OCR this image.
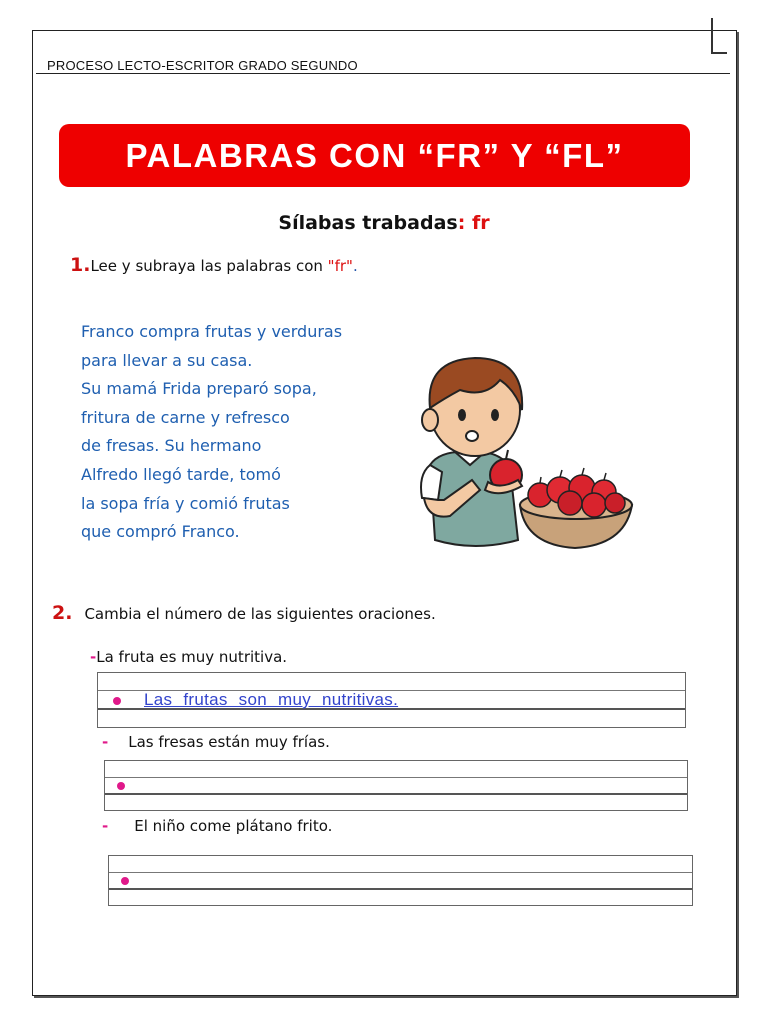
PROCESO LECTO-ESCRITOR GRADO SEGUNDO
PALABRAS CON “FR” Y “FL”
Sílabas trabadas: fr
1.Lee y subraya las palabras con "fr".
Franco compra frutas y verduras
para llevar a su casa.
Su mamá Frida preparó sopa,
fritura de carne y refresco
de fresas. Su hermano
Alfredo llegó tarde, tomó
la sopa fría y comió frutas
que compró Franco.
2. Cambia el número de las siguientes oraciones.
-La fruta es muy nutritiva.
Las frutas son muy nutritivas.
- Las fresas están muy frías.
- El niño come plátano frito.
